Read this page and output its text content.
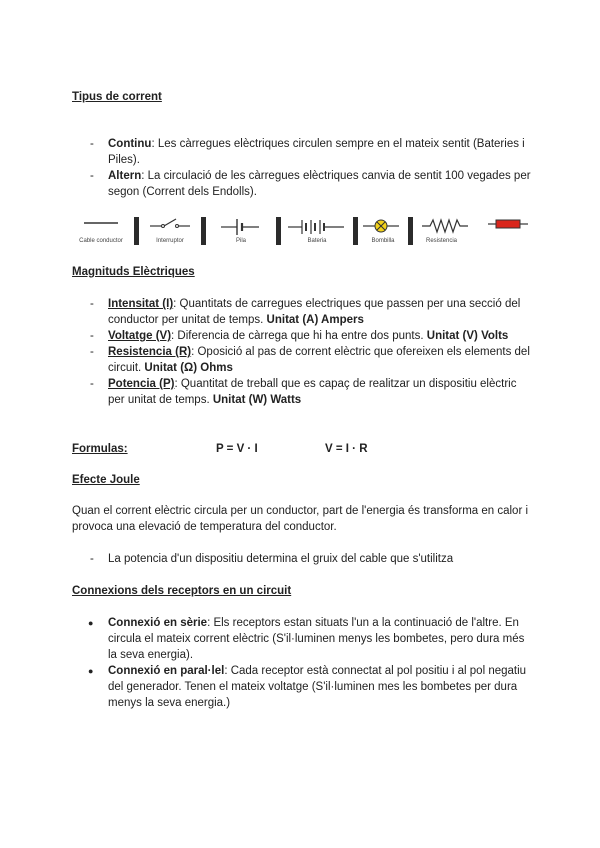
Tipus de corrent
- Continu: Les càrregues elèctriques circulen sempre en el mateix sentit (Bateries i Piles).
- Altern: La circulació de les càrregues elèctriques canvia de sentit 100 vegades per segon (Corrent dels Endolls).
Cable conductor	Interruptor	Pila	Bateria	Bombilla	Resistencia
Magnituds Elèctriques
- Intensitat (I): Quantitats de carregues electriques que passen per una secció del conductor per unitat de temps. Unitat (A) Ampers
- Voltatge (V): Diferencia de càrrega que hi ha entre dos punts. Unitat (V) Volts
- Resistencia (R): Oposició al pas de corrent elèctric que ofereixen els elements del circuit. Unitat (Ω) Ohms
- Potencia (P): Quantitat de treball que es capaç de realitzar un dispositiu elèctric per unitat de temps. Unitat (W) Watts
Formulas:	P = V · I	V = I · R
Efecte Joule

Quan el corrent elèctric circula per un conductor, part de l'energia és transforma en calor i provoca una elevació de temperatura del conductor.

- La potencia d'un dispositiu determina el gruix del cable que s'utilitza
Connexions dels receptors en un circuit
● Connexió en sèrie: Els receptors estan situats l'un a la continuació de l'altre. En circula el mateix corrent elèctric (S'il·luminen menys les bombetes, pero dura més la seva energia).
● Connexió en paral·lel: Cada receptor està connectat al pol positiu i al pol negatiu del generador. Tenen el mateix voltatge (S'il·luminen mes les bombetes per dura menys la seva energia.)
